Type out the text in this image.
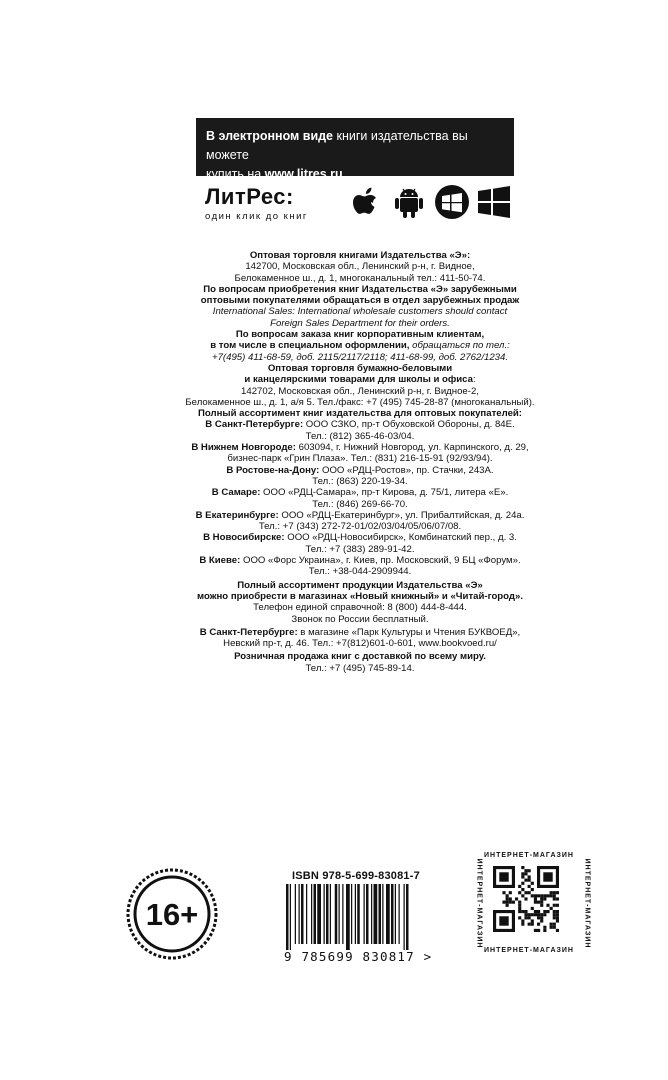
В электронном виде книги издательства вы можете
купить на www.litres.ru
ЛитРес:
один клик до книг

Оптовая торговля книгами Издательства «Э»:

142700, Московская обл., Ленинский р-н, г. Видное,

Белокаменное ш., д. 1, многоканальный тел.: 411-50-74.

По вопросам приобретения книг Издательства «Э» зарубежными

оптовыми покупателями обращаться в отдел зарубежных продаж

International Sales: International wholesale customers should contact

Foreign Sales Department for their orders.

По вопросам заказа книг корпоративным клиентам,

в том числе в специальном оформлении, обращаться по тел.:

+7(495) 411-68-59, доб. 2115/2117/2118; 411-68-99, доб. 2762/1234.

Оптовая торговля бумажно-беловыми

и канцелярскими товарами для школы и офиса:

142702, Московская обл., Ленинский р-н, г. Видное-2,

Белокаменное ш., д. 1, а/я 5. Тел./факс: +7 (495) 745-28-87 (многоканальный).

Полный ассортимент книг издательства для оптовых покупателей:

В Санкт-Петербурге: ООО СЗКО, пр-т Обуховской Обороны, д. 84Е.

Тел.: (812) 365-46-03/04.

В Нижнем Новгороде: 603094, г. Нижний Новгород, ул. Карпинского, д. 29,

бизнес-парк «Грин Плаза». Тел.: (831) 216-15-91 (92/93/94).

В Ростове-на-Дону: ООО «РДЦ-Ростов», пр. Стачки, 243А.

Тел.: (863) 220-19-34.

В Самаре: ООО «РДЦ-Самара», пр-т Кирова, д. 75/1, литера «Е».

Тел.: (846) 269-66-70.

В Екатеринбурге: ООО «РДЦ-Екатеринбург», ул. Прибалтийская, д. 24а.

Тел.: +7 (343) 272-72-01/02/03/04/05/06/07/08.

В Новосибирске: ООО «РДЦ-Новосибирск», Комбинатский пер., д. 3.

Тел.: +7 (383) 289-91-42.

В Киеве: ООО «Форс Украина», г. Киев, пр. Московский, 9 БЦ «Форум».

Тел.: +38-044-2909944.

Полный ассортимент продукции Издательства «Э»

можно приобрести в магазинах «Новый книжный» и «Читай-город».

Телефон единой справочной: 8 (800) 444-8-444.

Звонок по России бесплатный.

В Санкт-Петербурге: в магазине «Парк Культуры и Чтения БУКВОЕД»,

Невский пр-т, д. 46. Тел.: +7(812)601-0-601, www.bookvoed.ru/

Розничная продажа книг с доставкой по всему миру.

Тел.: +7 (495) 745-89-14.

16+
ISBN 978-5-699-83081-7
9 785699 830817 >
ИНТЕРНЕТ-МАГАЗИН
ИНТЕРНЕТ-МАГАЗИН
ИНТЕРНЕТ-МАГАЗИН	ИНТЕРНЕТ-МАГАЗИН
